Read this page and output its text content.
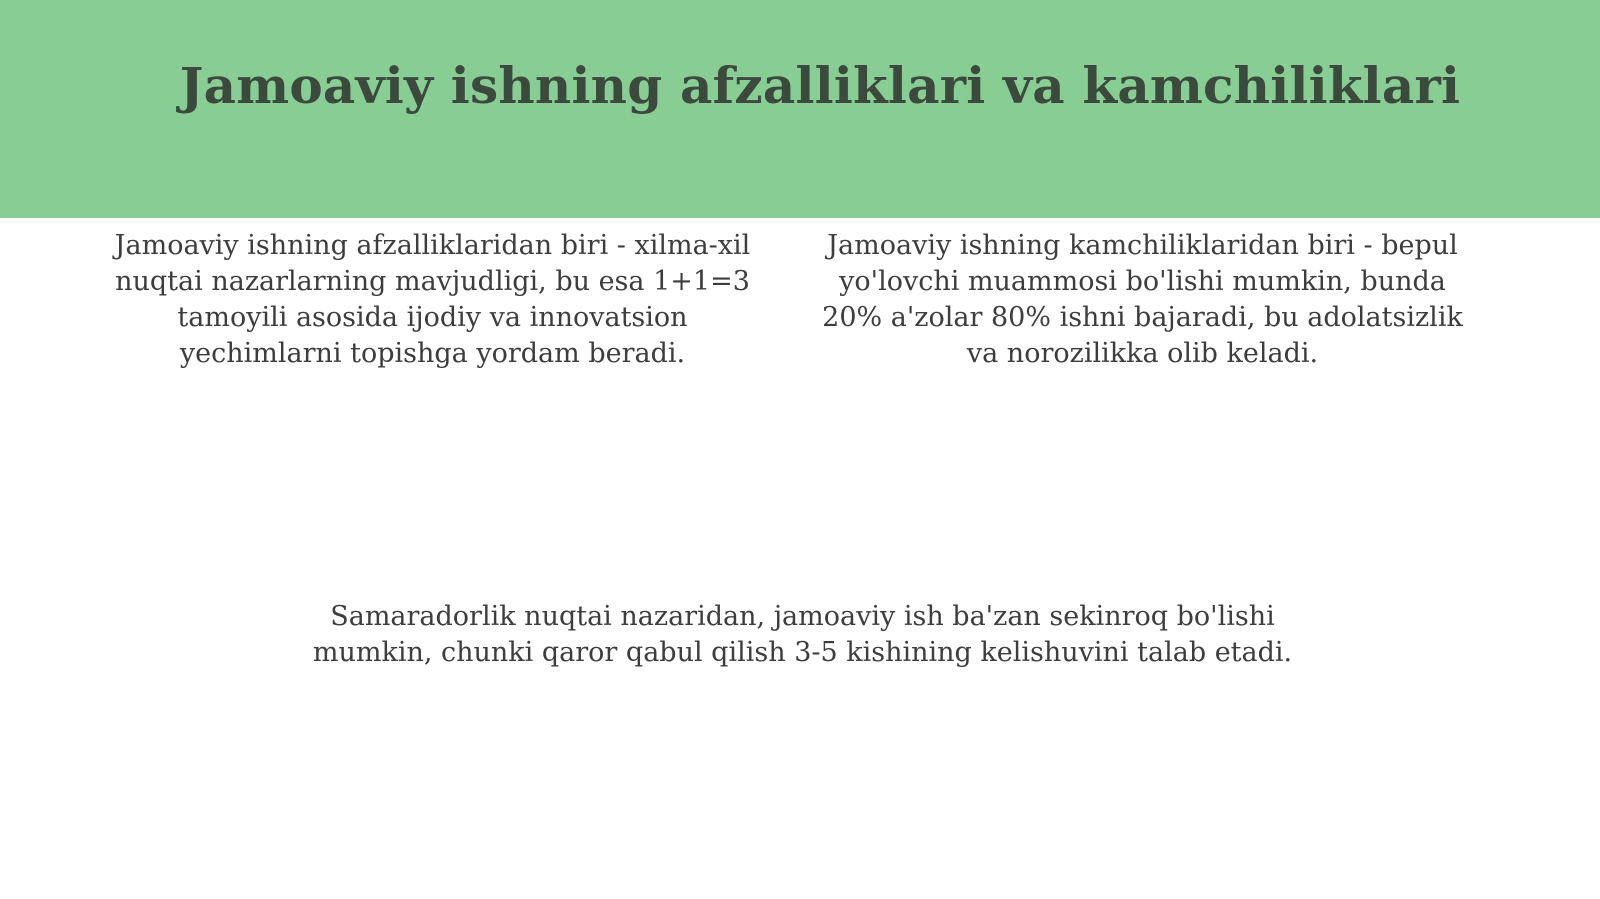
Jamoaviy ishning afzalliklari va kamchiliklari

Jamoaviy ishning afzalliklaridan biri - xilma-xil nuqtai nazarlarning mavjudligi, bu esa 1+1=3 tamoyili asosida ijodiy va innovatsion yechimlarni topishga yordam beradi.

Jamoaviy ishning kamchiliklaridan biri - bepul yo'lovchi muammosi bo'lishi mumkin, bunda 20% a'zolar 80% ishni bajaradi, bu adolatsizlik va norozilikka olib keladi.

Samaradorlik nuqtai nazaridan, jamoaviy ish ba'zan sekinroq bo'lishi mumkin, chunki qaror qabul qilish 3-5 kishining kelishuvini talab etadi.
